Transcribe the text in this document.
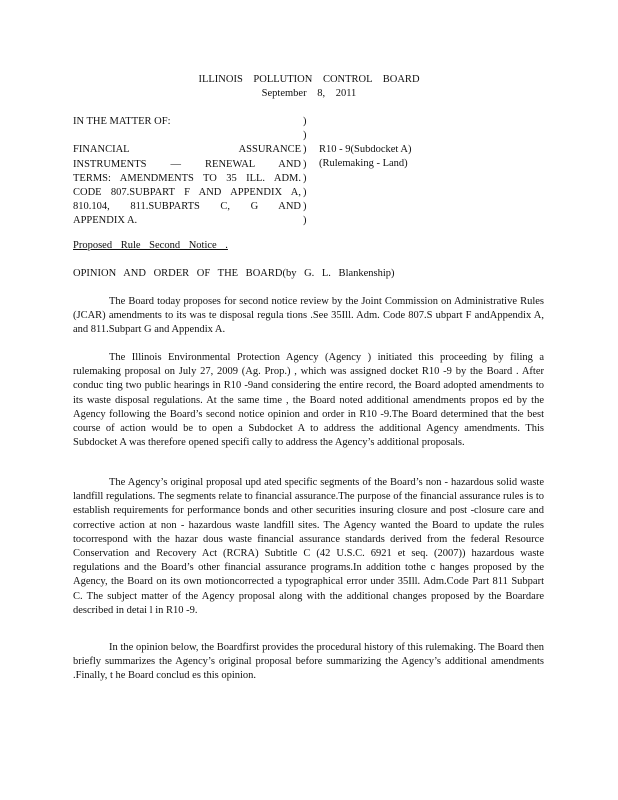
ILLINOIS POLLUTION CONTROL BOARD
September 8, 2011
IN THE MATTER OF:
FINANCIAL ASSURANCE
INSTRUMENTS — RENEWAL AND
TERMS: AMENDMENTS TO 35 ILL. ADM.
CODE 807.SUBPART F AND APPENDIX A,
810.104, 811.SUBPARTS C, G AND
APPENDIX A.
)
)
)
)
)
)
)
)
R10 - 9(Subdocket A)
(Rulemaking - Land)
Proposed Rule Second Notice .
OPINION AND ORDER OF THE BOARD(by G. L. Blankenship)

The Board today proposes for second notice review by the Joint Commission on Administrative Rules (JCAR) amendments to its was te disposal regula tions .See 35Ill. Adm. Code 807.S ubpart F andAppendix A, and 811.Subpart G and Appendix A.

The Illinois Environmental Protection Agency (Agency ) initiated this proceeding by filing a rulemaking proposal on July 27, 2009 (Ag. Prop.) , which was assigned docket R10 -9 by the Board . After conduc ting two public hearings in R10 -9and considering the entire record, the Board adopted amendments to its waste disposal regulations. At the same time , the Board noted additional amendments propos ed by the Agency following the Board’s second notice opinion and order in R10 -9.The Board determined that the best course of action would be to open a Subdocket A to address the additional Agency amendments. This Subdocket A was therefore opened specifi cally to address the Agency’s additional proposals.

The Agency’s original proposal upd ated specific segments of the Board’s non - hazardous solid waste landfill regulations. The segments relate to financial assurance.The purpose of the financial assurance rules is to establish requirements for performance bonds and other securities insuring closure and post -closure care and corrective action at non - hazardous waste landfill sites. The Agency wanted the Board to update the rules tocorrespond with the hazar dous waste financial assurance standards derived from the federal Resource Conservation and Recovery Act (RCRA) Subtitle C (42 U.S.C. 6921 et seq. (2007)) hazardous waste regulations and the Board’s other financial assurance programs.In addition tothe c hanges proposed by the Agency, the Board on its own motioncorrected a typographical error under 35Ill. Adm.Code Part 811 Subpart C. The subject matter of the Agency proposal along with the additional changes proposed by the Boardare described in detai l in R10 -9.

In the opinion below, the Boardfirst provides the procedural history of this rulemaking. The Board then briefly summarizes the Agency’s original proposal before summarizing the Agency’s additional amendments .Finally, t he Board conclud es this opinion.
